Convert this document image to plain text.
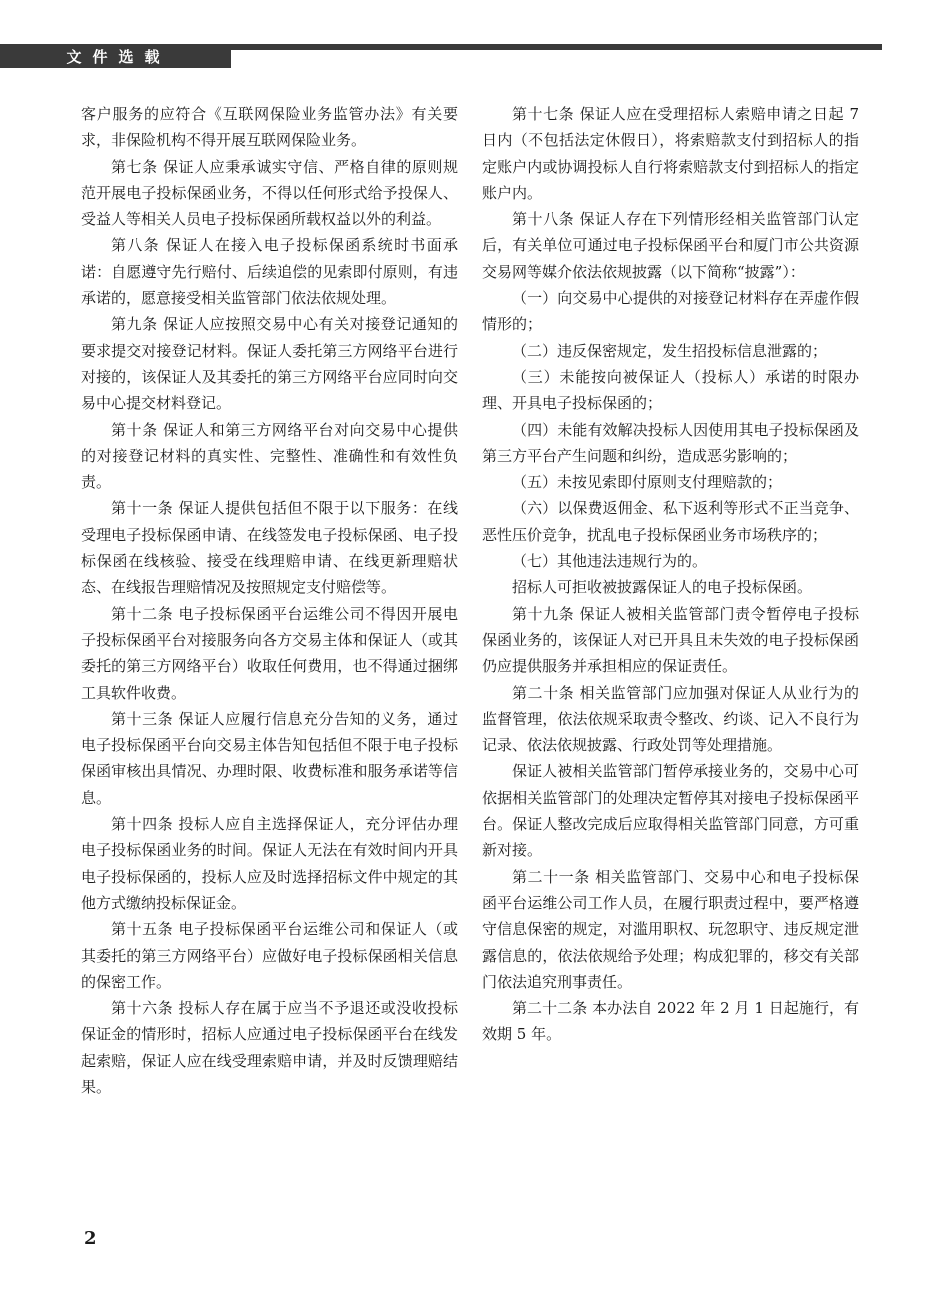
文件选载

客户服务的应符合《互联网保险业务监管办法》有关要求，非保险机构不得开展互联网保险业务。

第七条 保证人应秉承诚实守信、严格自律的原则规范开展电子投标保函业务，不得以任何形式给予投保人、受益人等相关人员电子投标保函所载权益以外的利益。

第八条 保证人在接入电子投标保函系统时书面承诺：自愿遵守先行赔付、后续追偿的见索即付原则，有违承诺的，愿意接受相关监管部门依法依规处理。

第九条 保证人应按照交易中心有关对接登记通知的要求提交对接登记材料。保证人委托第三方网络平台进行对接的，该保证人及其委托的第三方网络平台应同时向交易中心提交材料登记。

第十条 保证人和第三方网络平台对向交易中心提供的对接登记材料的真实性、完整性、准确性和有效性负责。

第十一条 保证人提供包括但不限于以下服务：在线受理电子投标保函申请、在线签发电子投标保函、电子投标保函在线核验、接受在线理赔申请、在线更新理赔状态、在线报告理赔情况及按照规定支付赔偿等。

第十二条 电子投标保函平台运维公司不得因开展电子投标保函平台对接服务向各方交易主体和保证人（或其委托的第三方网络平台）收取任何费用，也不得通过捆绑工具软件收费。

第十三条 保证人应履行信息充分告知的义务，通过电子投标保函平台向交易主体告知包括但不限于电子投标保函审核出具情况、办理时限、收费标准和服务承诺等信息。

第十四条 投标人应自主选择保证人，充分评估办理电子投标保函业务的时间。保证人无法在有效时间内开具电子投标保函的，投标人应及时选择招标文件中规定的其他方式缴纳投标保证金。

第十五条 电子投标保函平台运维公司和保证人（或其委托的第三方网络平台）应做好电子投标保函相关信息的保密工作。

第十六条 投标人存在属于应当不予退还或没收投标保证金的情形时，招标人应通过电子投标保函平台在线发起索赔，保证人应在线受理索赔申请，并及时反馈理赔结果。

第十七条 保证人应在受理招标人索赔申请之日起 7 日内（不包括法定休假日），将索赔款支付到招标人的指定账户内或协调投标人自行将索赔款支付到招标人的指定账户内。

第十八条 保证人存在下列情形经相关监管部门认定后，有关单位可通过电子投标保函平台和厦门市公共资源交易网等媒介依法依规披露（以下简称“披露”）：

（一）向交易中心提供的对接登记材料存在弄虚作假情形的；

（二）违反保密规定，发生招投标信息泄露的；

（三）未能按向被保证人（投标人）承诺的时限办理、开具电子投标保函的；

（四）未能有效解决投标人因使用其电子投标保函及第三方平台产生问题和纠纷，造成恶劣影响的；

（五）未按见索即付原则支付理赔款的；

（六）以保费返佣金、私下返利等形式不正当竞争、恶性压价竞争，扰乱电子投标保函业务市场秩序的；

（七）其他违法违规行为的。

招标人可拒收被披露保证人的电子投标保函。

第十九条 保证人被相关监管部门责令暂停电子投标保函业务的，该保证人对已开具且未失效的电子投标保函仍应提供服务并承担相应的保证责任。

第二十条 相关监管部门应加强对保证人从业行为的监督管理，依法依规采取责令整改、约谈、记入不良行为记录、依法依规披露、行政处罚等处理措施。

保证人被相关监管部门暂停承接业务的，交易中心可依据相关监管部门的处理决定暂停其对接电子投标保函平台。保证人整改完成后应取得相关监管部门同意，方可重新对接。

第二十一条 相关监管部门、交易中心和电子投标保函平台运维公司工作人员，在履行职责过程中，要严格遵守信息保密的规定，对滥用职权、玩忽职守、违反规定泄露信息的，依法依规给予处理；构成犯罪的，移交有关部门依法追究刑事责任。

第二十二条 本办法自 2022 年 2 月 1 日起施行，有效期 5 年。

2
